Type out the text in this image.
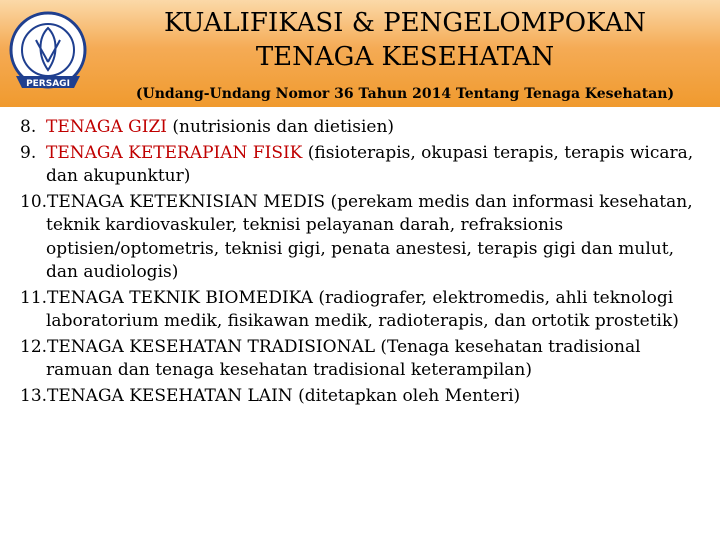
PERSAGI
KUALIFIKASI & PENGELOMPOKAN
TENAGA KESEHATAN
(Undang-Undang Nomor 36 Tahun 2014 Tentang Tenaga Kesehatan)
8. TENAGA GIZI (nutrisionis dan dietisien)
9. TENAGA KETERAPIAN FISIK (fisioterapis, okupasi terapis, terapis wicara, dan akupunktur)
10.TENAGA KETEKNISIAN MEDIS (perekam medis dan informasi kesehatan, teknik kardiovaskuler, teknisi pelayanan darah, refraksionis optisien/optometris, teknisi gigi, penata anestesi, terapis gigi dan mulut, dan audiologis)
11.TENAGA TEKNIK BIOMEDIKA (radiografer, elektromedis, ahli teknologi laboratorium medik, fisikawan medik, radioterapis, dan ortotik prostetik)
12.TENAGA KESEHATAN TRADISIONAL (Tenaga kesehatan tradisional ramuan dan tenaga kesehatan tradisional keterampilan)
13.TENAGA KESEHATAN LAIN (ditetapkan oleh Menteri)
